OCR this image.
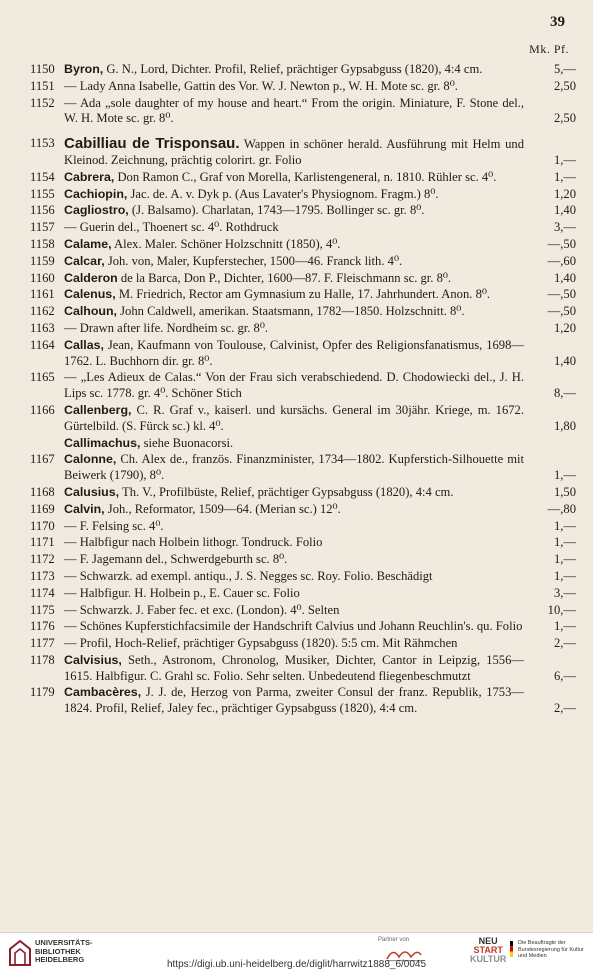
39
Mk. Pf.
1150 Byron, G. N., Lord, Dichter. Profil, Relief, prächtiger Gypsabguss (1820), 4:4 cm.	5,—
1151 — Lady Anna Isabelle, Gattin des Vor. W. J. Newton p., W. H. Mote sc. gr. 8⁰.	2,50
1152 — Ada „sole daughter of my house and heart.“ From the origin. Miniature, F. Stone del., W. H. Mote sc. gr. 8⁰.	2,50
1153 Cabilliau de Trisponsau. Wappen in schöner herald. Ausführung mit Helm und Kleinod. Zeichnung, prächtig colorirt. gr. Folio	1,—
1154 Cabrera, Don Ramon C., Graf von Morella, Karlistengeneral, n. 1810. Rühler sc. 4⁰.	1,—
1155 Cachiopin, Jac. de. A. v. Dyk p. (Aus Lavater's Physiognom. Fragm.) 8⁰.	1,20
1156 Cagliostro, (J. Balsamo). Charlatan, 1743—1795. Bollinger sc. gr. 8⁰.	1,40
1157 — Guerin del., Thoenert sc. 4⁰. Rothdruck	3,—
1158 Calame, Alex. Maler. Schöner Holzschnitt (1850), 4⁰.	—,50
1159 Calcar, Joh. von, Maler, Kupferstecher, 1500—46. Franck lith. 4⁰.	—,60
1160 Calderon de la Barca, Don P., Dichter, 1600—87. F. Fleischmann sc. gr. 8⁰.	1,40
1161 Calenus, M. Friedrich, Rector am Gymnasium zu Halle, 17. Jahrhundert. Anon. 8⁰.	—,50
1162 Calhoun, John Caldwell, amerikan. Staatsmann, 1782—1850. Holzschnitt. 8⁰.	—,50
1163 — Drawn after life. Nordheim sc. gr. 8⁰.	1,20
1164 Callas, Jean, Kaufmann von Toulouse, Calvinist, Opfer des Religionsfanatismus, 1698—1762. L. Buchhorn dir. gr. 8⁰.	1,40
1165 — „Les Adieux de Calas.“ Von der Frau sich verabschiedend. D. Chodowiecki del., J. H. Lips sc. 1778. gr. 4⁰. Schöner Stich	8,—
1166 Callenberg, C. R. Graf v., kaiserl. und kursächs. General im 30jähr. Kriege, m. 1672. Gürtelbild. (S. Fürck sc.) kl. 4⁰.	1,80
Callimachus, siehe Buonacorsi.
1167 Calonne, Ch. Alex de., französ. Finanzminister, 1734—1802. Kupferstich-Silhouette mit Beiwerk (1790), 8⁰.	1,—
1168 Calusius, Th. V., Profilbüste, Relief, prächtiger Gypsabguss (1820), 4:4 cm.	1,50
1169 Calvin, Joh., Reformator, 1509—64. (Merian sc.) 12⁰.	—,80
1170 — F. Felsing sc. 4⁰.	1,—
1171 — Halbfigur nach Holbein lithogr. Tondruck. Folio	1,—
1172 — F. Jagemann del., Schwerdgeburth sc. 8⁰.	1,—
1173 — Schwarzk. ad exempl. antiqu., J. S. Negges sc. Roy. Folio. Beschädigt	1,—
1174 — Halbfigur. H. Holbein p., E. Cauer sc. Folio	3,—
1175 — Schwarzk. J. Faber fec. et exc. (London). 4⁰. Selten	10,—
1176 — Schönes Kupferstichfacsimile der Handschrift Calvius und Johann Reuchlin's. qu. Folio	1,—
1177 — Profil, Hoch-Relief, prächtiger Gypsabguss (1820). 5:5 cm. Mit Rähmchen	2,—
1178 Calvisius, Seth., Astronom, Chronolog, Musiker, Dichter, Cantor in Leipzig, 1556—1615. Halbfigur. C. Grahl sc. Folio. Sehr selten. Unbedeutend fliegenbeschmutzt	6,—
1179 Cambacères, J. J. de, Herzog von Parma, zweiter Consul der franz. Republik, 1753—1824. Profil, Relief, Jaley fec., prächtiger Gypsabguss (1820), 4:4 cm.	2,—
UNIVERSITÄTS-
BIBLIOTHEK
HEIDELBERG
Partner von	NEU
START
KULTUR
Die Beauftragte der Bundesregierung für Kultur und Medien
https://digi.ub.uni-heidelberg.de/diglit/harrwitz1888_6/0045
